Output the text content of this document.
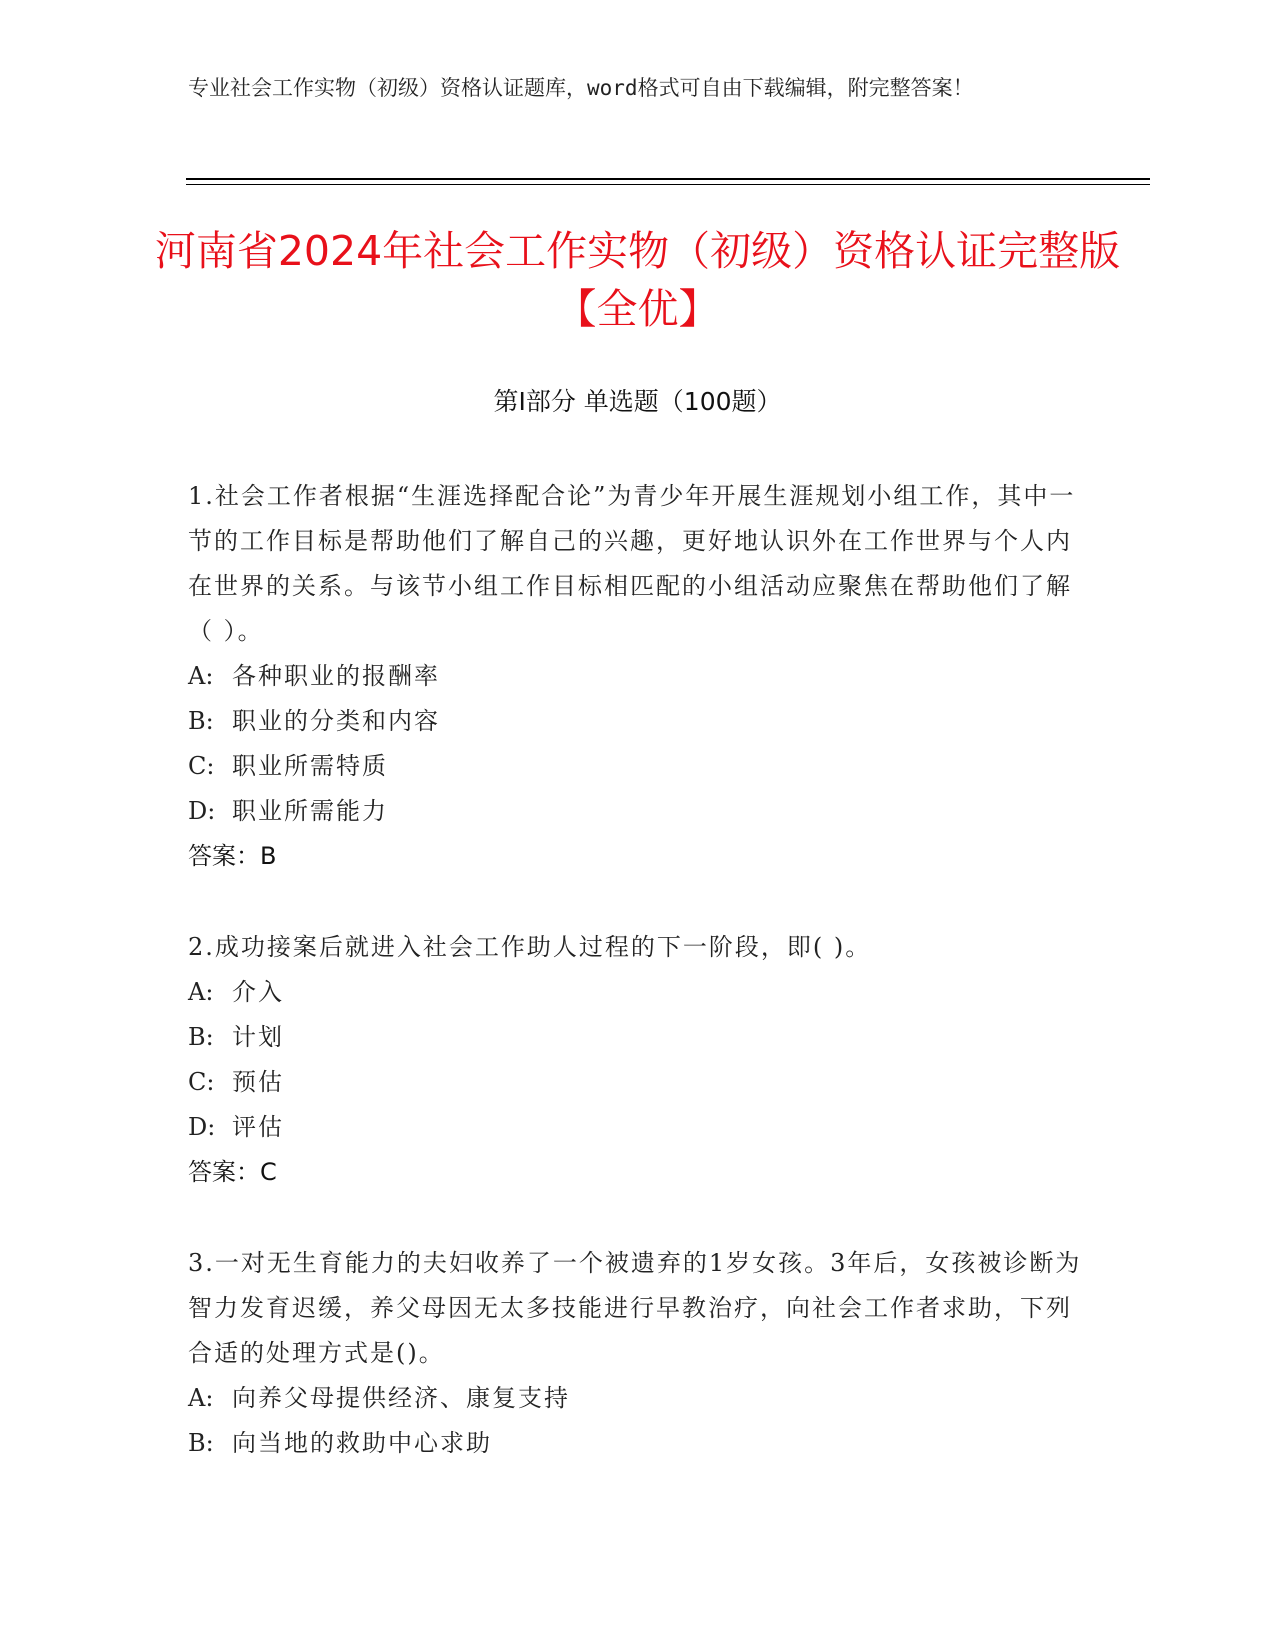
专业社会工作实物（初级）资格认证题库，word格式可自由下载编辑，附完整答案！
河南省2024年社会工作实物（初级）资格认证完整版【全优】
第Ⅰ部分 单选题（100题）
1.社会工作者根据“生涯选择配合论”为青少年开展生涯规划小组工作，其中一节的工作目标是帮助他们了解自己的兴趣，更好地认识外在工作世界与个人内在世界的关系。与该节小组工作目标相匹配的小组活动应聚焦在帮助他们了解（ ）。
A: 各种职业的报酬率
B: 职业的分类和内容
C: 职业所需特质
D: 职业所需能力
答案：B
2.成功接案后就进入社会工作助人过程的下一阶段，即( )。
A: 介入
B: 计划
C: 预估
D: 评估
答案：C
3.一对无生育能力的夫妇收养了一个被遗弃的1岁女孩。3年后，女孩被诊断为智力发育迟缓，养父母因无太多技能进行早教治疗，向社会工作者求助，下列合适的处理方式是()。
A: 向养父母提供经济、康复支持
B: 向当地的救助中心求助
